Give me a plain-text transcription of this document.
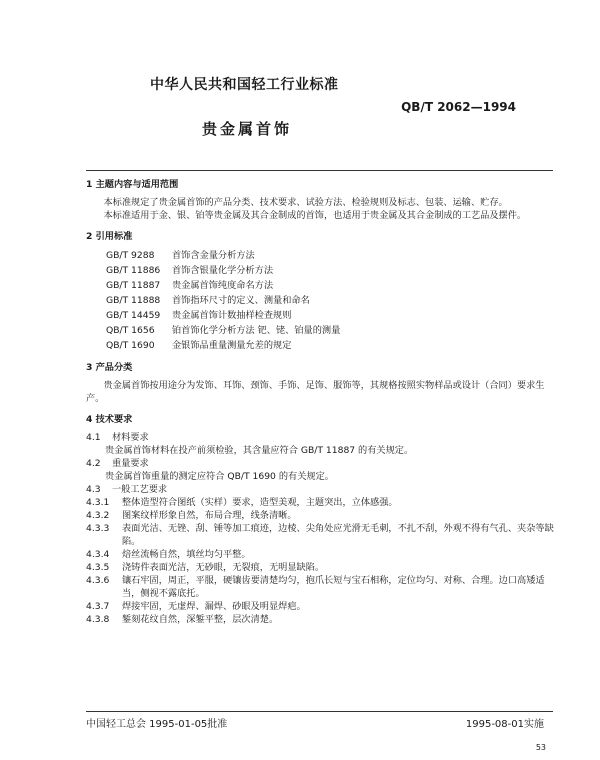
中华人民共和国轻工行业标准
QB/T 2062—1994
贵金属首饰
1 主题内容与适用范围

本标准规定了贵金属首饰的产品分类、技术要求、试验方法、检验规则及标志、包装、运输、贮存。

本标准适用于金、银、铂等贵金属及其合金制成的首饰，也适用于贵金属及其合金制成的工艺品及摆件。

2 引用标准
GB/T 9288	首饰含金量分析方法
GB/T 11886	首饰含银量化学分析方法
GB/T 11887	贵金属首饰纯度命名方法
GB/T 11888	首饰指环尺寸的定义、测量和命名
GB/T 14459	贵金属首饰计数抽样检查规则
QB/T 1656	铂首饰化学分析方法 钯、铑、铂量的测量
QB/T 1690	金银饰品重量测量允差的规定
3 产品分类

贵金属首饰按用途分为发饰、耳饰、颈饰、手饰、足饰、服饰等，其规格按照实物样品或设计（合同）要求生产。

4 技术要求
4.1	材料要求

贵金属首饰材料在投产前须检验，其含量应符合 GB/T 11887 的有关规定。

4.2	重量要求

贵金属首饰重量的测定应符合 QB/T 1690 的有关规定。

4.3	一般工艺要求
4.3.1	整体造型符合图纸（实样）要求，造型美观，主题突出，立体感强。
4.3.2	图案纹样形象自然，布局合理，线条清晰。
4.3.3	表面光洁、无锉、刮、锤等加工痕迹，边棱、尖角处应光滑无毛刺，不扎不刮，外观不得有气孔、夹杂等缺陷。
4.3.4	焙丝流畅自然，填丝均匀平整。
4.3.5	浇铸件表面光洁，无砂眼，无裂痕，无明显缺陷。
4.3.6	镶石牢固，周正，平服，硬镶齿要清楚均匀，抱爪长短与宝石相称，定位均匀、对称、合理。边口高矮适当，侧视不露底托。
4.3.7	焊接牢固，无虚焊、漏焊、砂眼及明显焊疤。
4.3.8	錾刻花纹自然，深錾平整，层次清楚。
中国轻工总会 1995-01-05批准	1995-08-01实施
53
